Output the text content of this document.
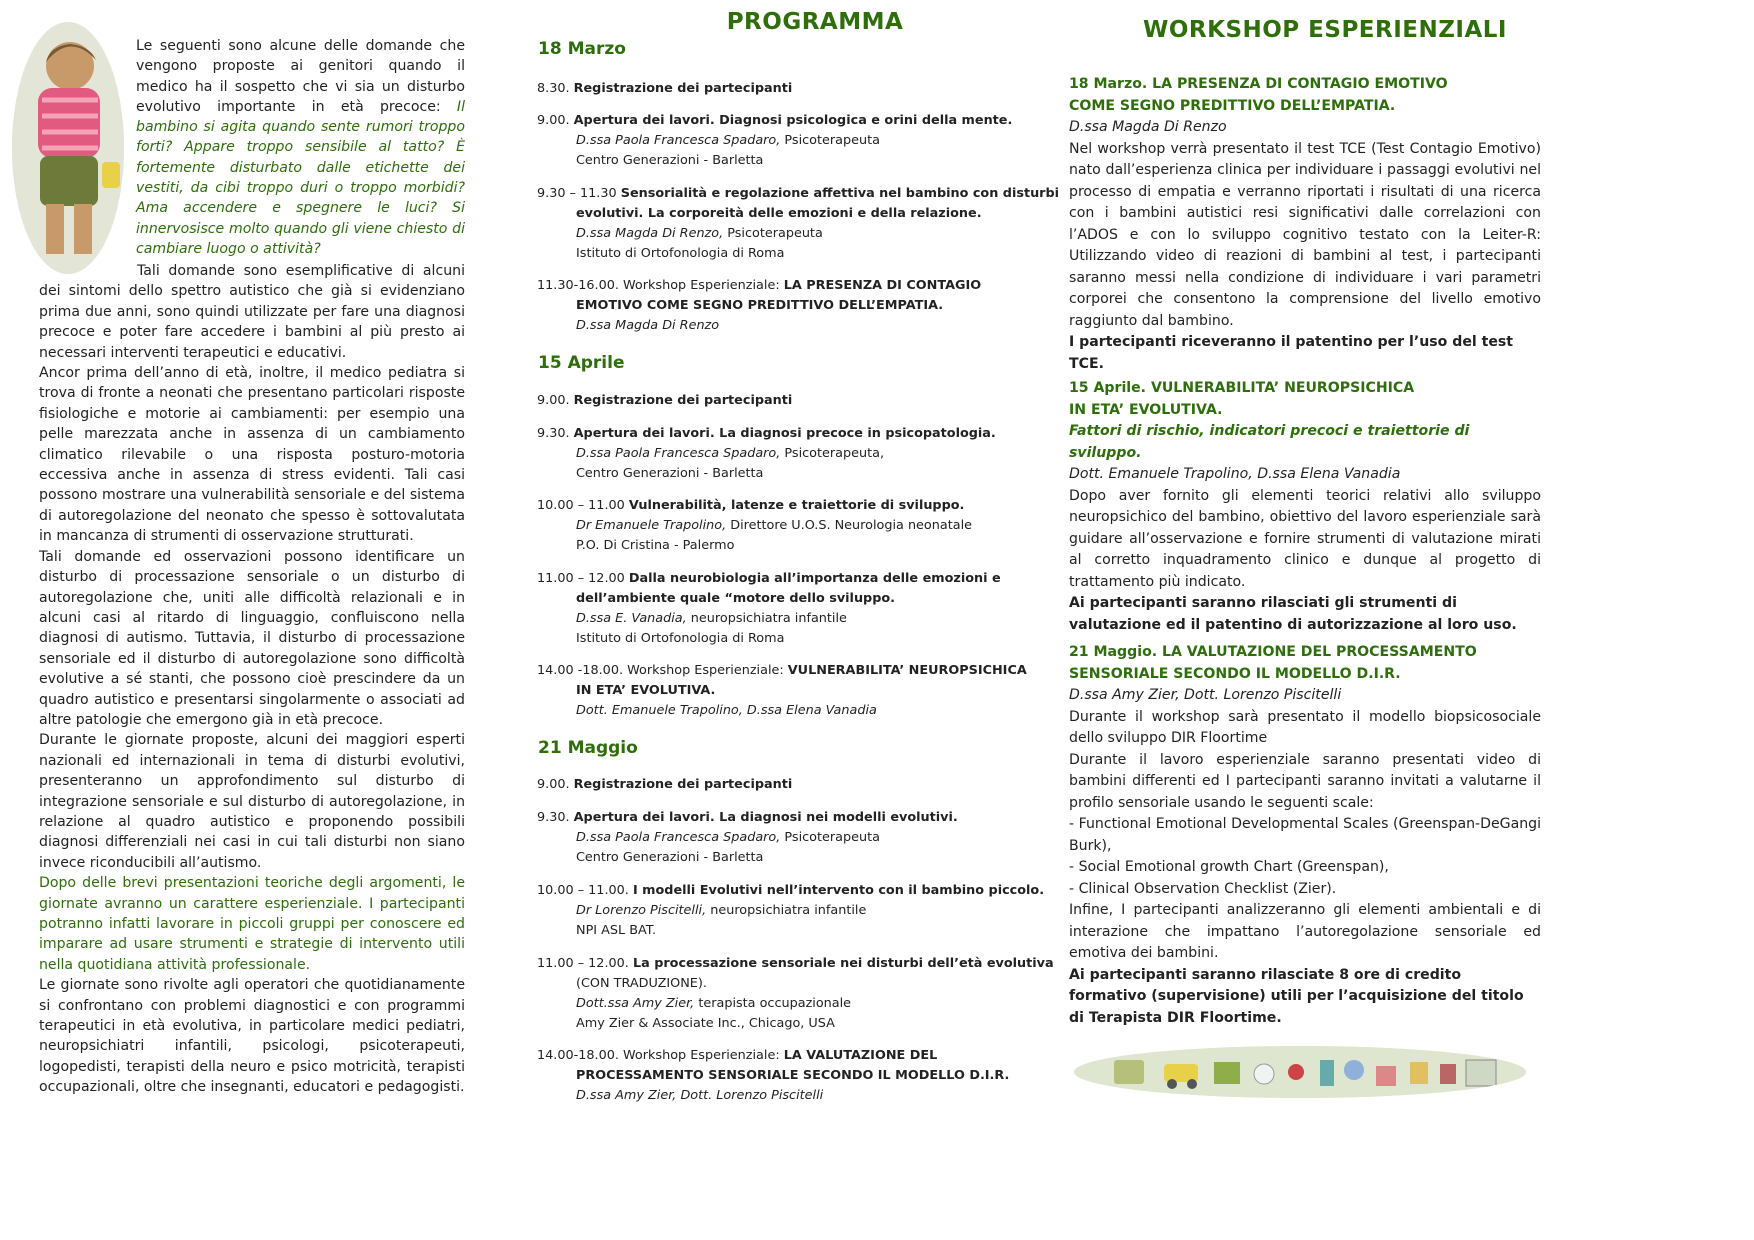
Le seguenti sono alcune delle domande che vengono proposte ai genitori quando il medico ha il sospetto che vi sia un disturbo evolutivo importante in età precoce: Il bambino si agita quando sente rumori troppo forti? Appare troppo sensibile al tatto? È fortemente disturbato dalle etichette dei vestiti, da cibi troppo duri o troppo morbidi? Ama accendere e spegnere le luci? Si innervosisce molto quando gli viene chiesto di cambiare luogo o attività?

Tali domande sono esemplificative di alcuni dei sintomi dello spettro autistico che già si evidenziano prima due anni, sono quindi utilizzate per fare una diagnosi precoce e poter fare accedere i bambini al più presto ai necessari interventi terapeutici e educativi.

Ancor prima dell’anno di età, inoltre, il medico pediatra si trova di fronte a neonati che presentano particolari risposte fisiologiche e motorie ai cambiamenti: per esempio una pelle marezzata anche in assenza di un cambiamento climatico rilevabile o una risposta posturo-motoria eccessiva anche in assenza di stress evidenti. Tali casi possono mostrare una vulnerabilità sensoriale e del sistema di autoregolazione del neonato che spesso è sottovalutata in mancanza di strumenti di osservazione strutturati.

Tali domande ed osservazioni possono identificare un disturbo di processazione sensoriale o un disturbo di autoregolazione che, uniti alle difficoltà relazionali e in alcuni casi al ritardo di linguaggio, confluiscono nella diagnosi di autismo. Tuttavia, il disturbo di processazione sensoriale ed il disturbo di autoregolazione sono difficoltà evolutive a sé stanti, che possono cioè prescindere da un quadro autistico e presentarsi singolarmente o associati ad altre patologie che emergono già in età precoce.

Durante le giornate proposte, alcuni dei maggiori esperti nazionali ed internazionali in tema di disturbi evolutivi, presenteranno un approfondimento sul disturbo di integrazione sensoriale e sul disturbo di autoregolazione, in relazione al quadro autistico e proponendo possibili diagnosi differenziali nei casi in cui tali disturbi non siano invece riconducibili all’autismo.

Dopo delle brevi presentazioni teoriche degli argomenti, le giornate avranno un carattere esperienziale. I partecipanti potranno infatti lavorare in piccoli gruppi per conoscere ed imparare ad usare strumenti e strategie di intervento utili nella quotidiana attività professionale.

Le giornate sono rivolte agli operatori che quotidianamente si confrontano con problemi diagnostici e con programmi terapeutici in età evolutiva, in particolare medici pediatri, neuropsichiatri infantili, psicologi, psicoterapeuti, logopedisti, terapisti della neuro e psico motricità, terapisti occupazionali, oltre che insegnanti, educatori e pedagogisti.

PROGRAMMA
18 Marzo
8.30. Registrazione dei partecipanti
9.00. Apertura dei lavori. Diagnosi psicologica e orini della mente.
D.ssa Paola Francesca Spadaro, Psicoterapeuta
Centro Generazioni - Barletta
9.30 – 11.30 Sensorialità e regolazione affettiva nel bambino con disturbi
evolutivi. La corporeità delle emozioni e della relazione.
D.ssa Magda Di Renzo, Psicoterapeuta
Istituto di Ortofonologia di Roma
11.30-16.00. Workshop Esperienziale: LA PRESENZA DI CONTAGIO
EMOTIVO COME SEGNO PREDITTIVO DELL’EMPATIA.
D.ssa Magda Di Renzo
15 Aprile
9.00. Registrazione dei partecipanti
9.30. Apertura dei lavori. La diagnosi precoce in psicopatologia.
D.ssa Paola Francesca Spadaro, Psicoterapeuta,
Centro Generazioni - Barletta
10.00 – 11.00 Vulnerabilità, latenze e traiettorie di sviluppo.
Dr Emanuele Trapolino, Direttore U.O.S. Neurologia neonatale
P.O. Di Cristina - Palermo
11.00 – 12.00 Dalla neurobiologia all’importanza delle emozioni e
dell’ambiente quale “motore dello sviluppo.
D.ssa E. Vanadia, neuropsichiatra infantile
Istituto di Ortofonologia di Roma
14.00 -18.00. Workshop Esperienziale: VULNERABILITA’ NEUROPSICHICA
IN ETA’ EVOLUTIVA.
Dott. Emanuele Trapolino, D.ssa Elena Vanadia
21 Maggio
9.00. Registrazione dei partecipanti
9.30. Apertura dei lavori. La diagnosi nei modelli evolutivi.
D.ssa Paola Francesca Spadaro, Psicoterapeuta
Centro Generazioni - Barletta
10.00 – 11.00. I modelli Evolutivi nell’intervento con il bambino piccolo.
Dr Lorenzo Piscitelli, neuropsichiatra infantile
NPI ASL BAT.
11.00 – 12.00. La processazione sensoriale nei disturbi dell’età evolutiva
(CON TRADUZIONE).
Dott.ssa Amy Zier, terapista occupazionale
Amy Zier & Associate Inc., Chicago, USA
14.00-18.00. Workshop Esperienziale: LA VALUTAZIONE DEL
PROCESSAMENTO SENSORIALE SECONDO IL MODELLO D.I.R.
D.ssa Amy Zier, Dott. Lorenzo Piscitelli
WORKSHOP ESPERIENZIALI
18 Marzo. LA PRESENZA DI CONTAGIO EMOTIVO
COME SEGNO PREDITTIVO DELL’EMPATIA.
D.ssa Magda Di Renzo
Nel workshop verrà presentato il test TCE (Test Contagio Emotivo) nato dall’esperienza clinica per individuare i passaggi evolutivi nel processo di empatia e verranno riportati i risultati di una ricerca con i bambini autistici resi significativi dalle correlazioni con l’ADOS e con lo sviluppo cognitivo testato con la Leiter-R: Utilizzando video di reazioni di bambini al test, i partecipanti saranno messi nella condizione di individuare i vari parametri corporei che consentono la comprensione del livello emotivo raggiunto dal bambino.
I partecipanti riceveranno il patentino per l’uso del test TCE.
15 Aprile. VULNERABILITA’ NEUROPSICHICA
IN ETA’ EVOLUTIVA.
Fattori di rischio, indicatori precoci e traiettorie di sviluppo.
Dott. Emanuele Trapolino, D.ssa Elena Vanadia
Dopo aver fornito gli elementi teorici relativi allo sviluppo neuropsichico del bambino, obiettivo del lavoro esperienziale sarà guidare all’osservazione e fornire strumenti di valutazione mirati al corretto inquadramento clinico e dunque al progetto di trattamento più indicato.
Ai partecipanti saranno rilasciati gli strumenti di valutazione ed il patentino di autorizzazione al loro uso.
21 Maggio. LA VALUTAZIONE DEL PROCESSAMENTO
SENSORIALE SECONDO IL MODELLO D.I.R.
D.ssa Amy Zier, Dott. Lorenzo Piscitelli
Durante il workshop sarà presentato il modello biopsicosociale dello sviluppo DIR Floortime
Durante il lavoro esperienziale saranno presentati video di bambini differenti ed I partecipanti saranno invitati a valutarne il profilo sensoriale usando le seguenti scale:
- Functional Emotional Developmental Scales (Greenspan-DeGangi Burk),
- Social Emotional growth Chart (Greenspan),
- Clinical Observation Checklist (Zier).
Infine, I partecipanti analizzeranno gli elementi ambientali e di interazione che impattano l’autoregolazione sensoriale ed emotiva dei bambini.
Ai partecipanti saranno rilasciate 8 ore di credito formativo (supervisione) utili per l’acquisizione del titolo di Terapista DIR Floortime.
